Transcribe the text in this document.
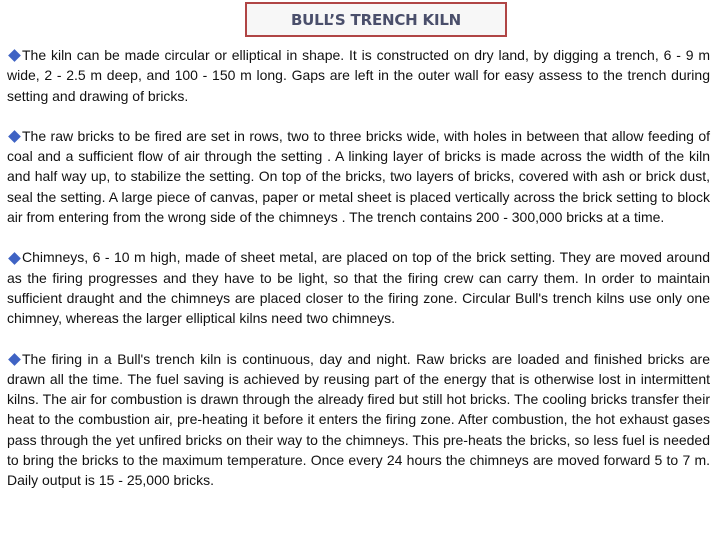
BULL’S TRENCH KILN

The kiln can be made circular or elliptical in shape. It is constructed on dry land, by digging a trench, 6 - 9 m wide, 2 - 2.5 m deep, and 100 - 150 m long. Gaps are left in the outer wall for easy assess to the trench during setting and drawing of bricks.

The raw bricks to be fired are set in rows, two to three bricks wide, with holes in between that allow feeding of coal and a sufficient flow of air through the setting . A linking layer of bricks is made across the width of the kiln and half way up, to stabilize the setting. On top of the bricks, two layers of bricks, covered with ash or brick dust, seal the setting. A large piece of canvas, paper or metal sheet is placed vertically across the brick setting to block air from entering from the wrong side of the chimneys . The trench contains 200 - 300,000 bricks at a time.

Chimneys, 6 - 10 m high, made of sheet metal, are placed on top of the brick setting. They are moved around as the firing progresses and they have to be light, so that the firing crew can carry them. In order to maintain sufficient draught and the chimneys are placed closer to the firing zone. Circular Bull's trench kilns use only one chimney, whereas the larger elliptical kilns need two chimneys.

The firing in a Bull's trench kiln is continuous, day and night. Raw bricks are loaded and finished bricks are drawn all the time. The fuel saving is achieved by reusing part of the energy that is otherwise lost in intermittent kilns. The air for combustion is drawn through the already fired but still hot bricks. The cooling bricks transfer their heat to the combustion air, pre-heating it before it enters the firing zone. After combustion, the hot exhaust gases pass through the yet unfired bricks on their way to the chimneys. This pre-heats the bricks, so less fuel is needed to bring the bricks to the maximum temperature. Once every 24 hours the chimneys are moved forward 5 to 7 m. Daily output is 15 - 25,000 bricks.
